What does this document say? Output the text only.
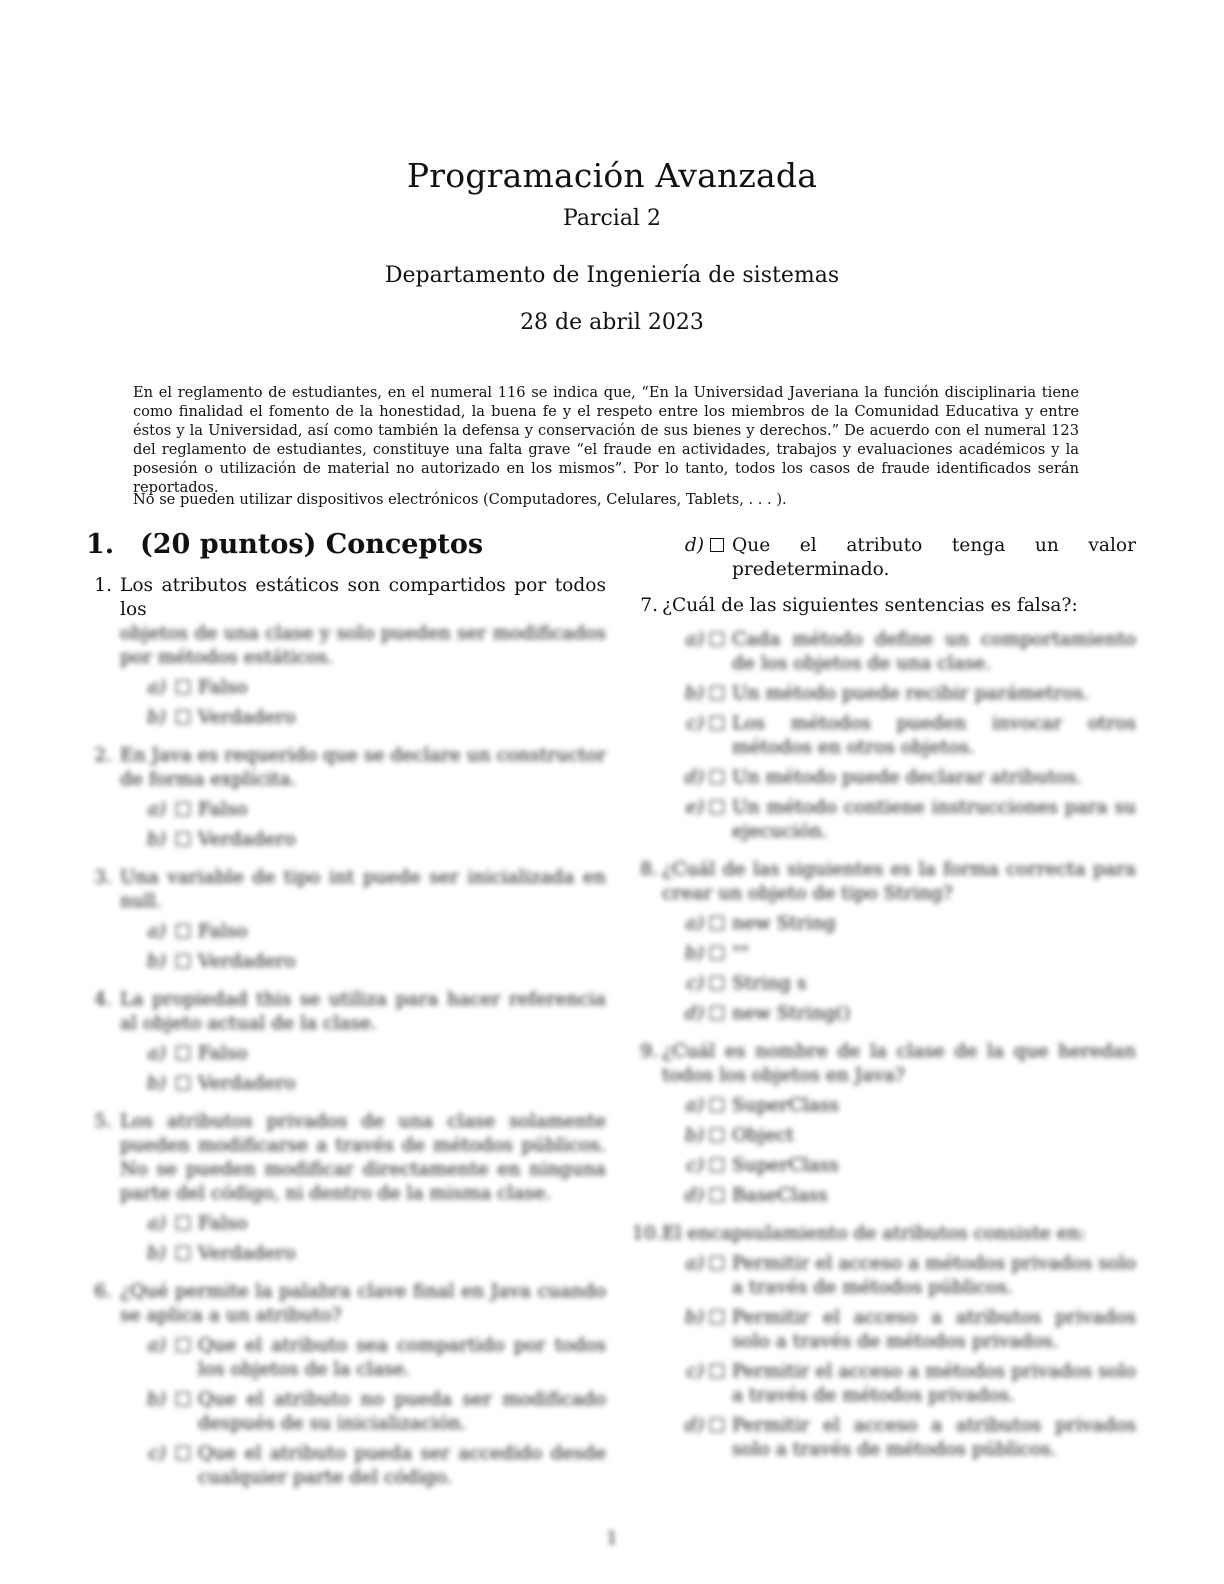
Programación Avanzada
Parcial 2
Departamento de Ingeniería de sistemas
28 de abril 2023
En el reglamento de estudiantes, en el numeral 116 se indica que, “En la Universidad Javeriana la función disciplinaria tiene como finalidad el fomento de la honestidad, la buena fe y el respeto entre los miembros de la Comunidad Educativa y entre éstos y la Universidad, así como también la defensa y conservación de sus bienes y derechos.” De acuerdo con el numeral 123 del reglamento de estudiantes, constituye una falta grave “el fraude en actividades, trabajos y evaluaciones académicos y la posesión o utilización de material no autorizado en los mismos”. Por lo tanto, todos los casos de fraude identificados serán reportados.
No se pueden utilizar dispositivos electrónicos (Computadores, Celulares, Tablets, . . . ).
1. (20 puntos) Conceptos
1. Los atributos estáticos son compartidos por todos los
objetos de una clase y solo pueden ser modificados por métodos estáticos.
a) Falso
b) Verdadero
2. En Java es requerido que se declare un constructor de forma explícita.
a) Falso
b) Verdadero
3. Una variable de tipo int puede ser inicializada en null.
a) Falso
b) Verdadero
4. La propiedad this se utiliza para hacer referencia al objeto actual de la clase.
a) Falso
b) Verdadero
5. Los atributos privados de una clase solamente pueden modificarse a través de métodos públicos. No se pueden modificar directamente en ninguna parte del código, ni dentro de la misma clase.
a) Falso
b) Verdadero
6. ¿Qué permite la palabra clave final en Java cuando se aplica a un atributo?
a) Que el atributo sea compartido por todos los objetos de la clase.
b) Que el atributo no pueda ser modificado después de su inicialización.
c) Que el atributo pueda ser accedido desde cualquier parte del código.
d) Que el atributo tenga un valor predeterminado.
7. ¿Cuál de las siguientes sentencias es falsa?:
a) Cada método define un comportamiento de los objetos de una clase.
b) Un método puede recibir parámetros.
c) Los métodos pueden invocar otros métodos en otros objetos.
d) Un método puede declarar atributos.
e) Un método contiene instrucciones para su ejecución.
8. ¿Cuál de las siguientes es la forma correcta para crear un objeto de tipo String?
a) new String
b) ""
c) String s
d) new String()
9. ¿Cuál es nombre de la clase de la que heredan todos los objetos en Java?
a) SuperClass
b) Object
c) SuperClass
d) BaseClass
10. El encapsulamiento de atributos consiste en:
a) Permitir el acceso a métodos privados solo a través de métodos públicos.
b) Permitir el acceso a atributos privados solo a través de métodos privados.
c) Permitir el acceso a métodos privados solo a través de métodos privados.
d) Permitir el acceso a atributos privados solo a través de métodos públicos.
1
